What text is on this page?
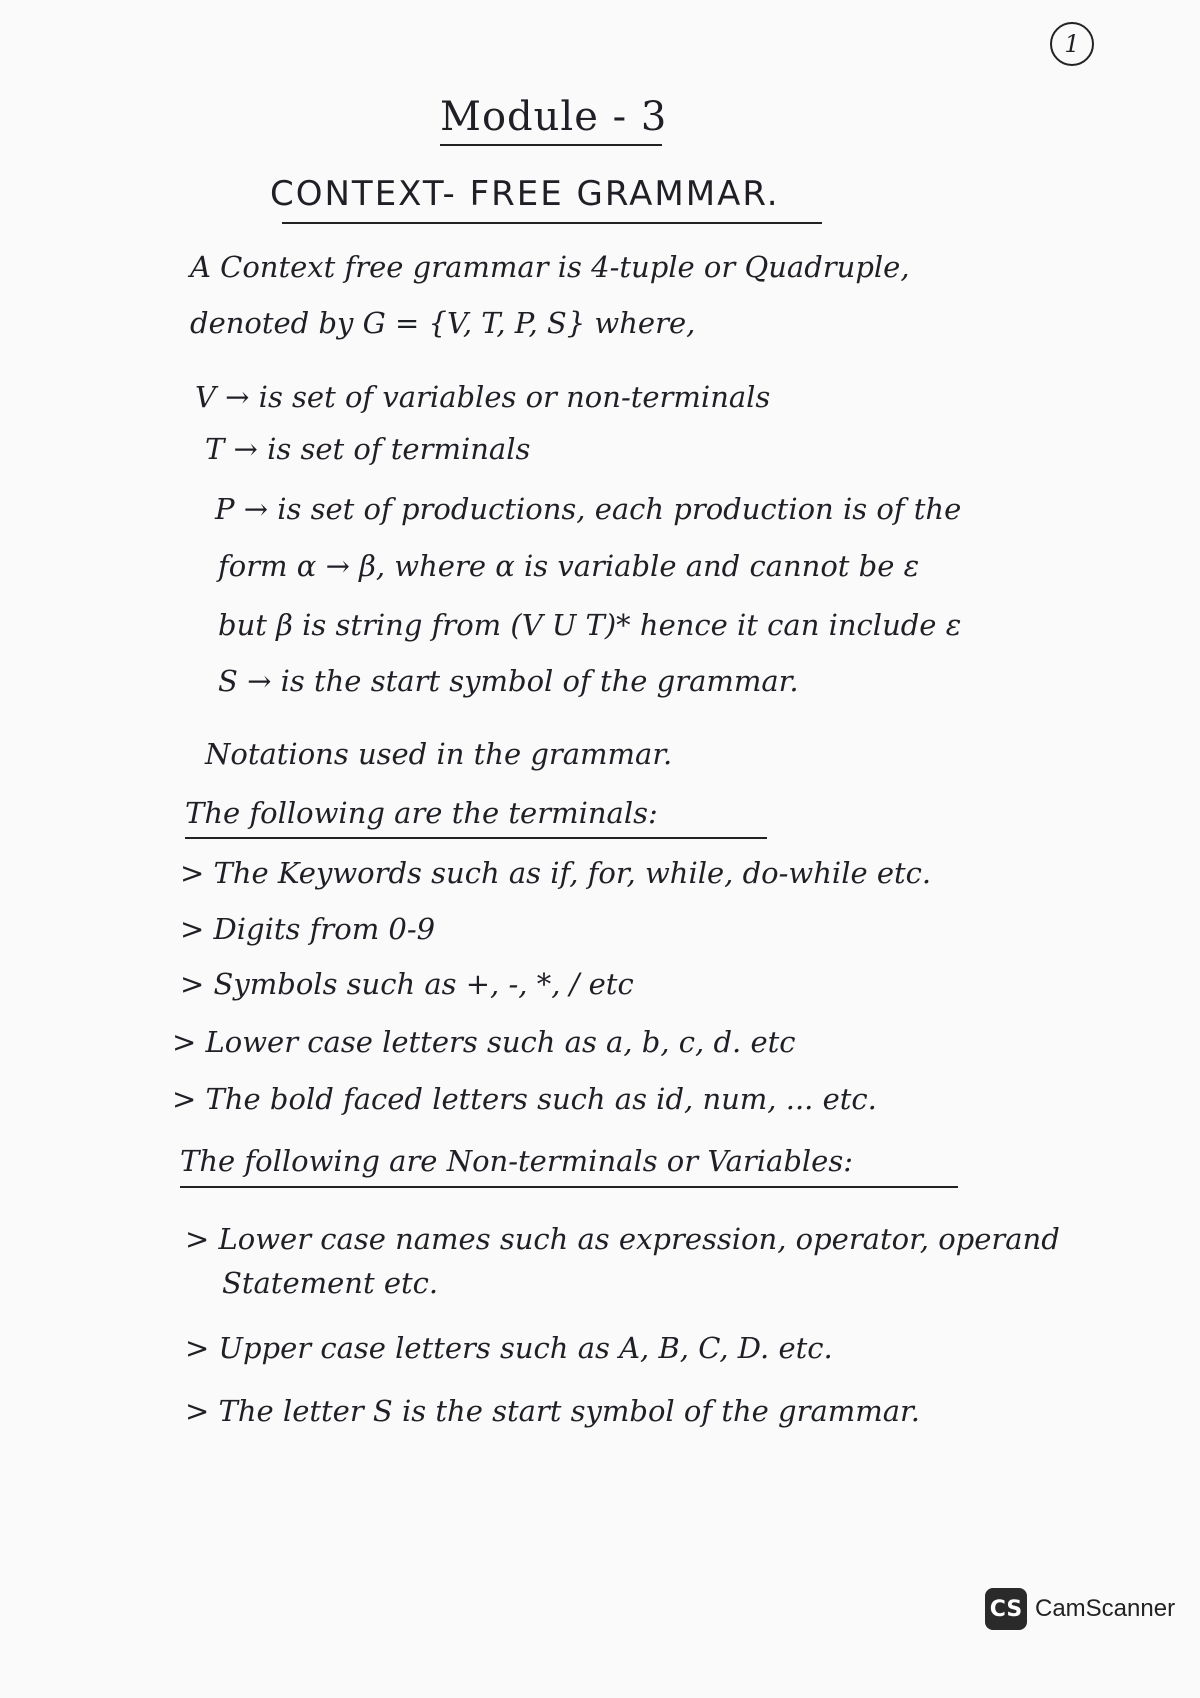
1
Module - 3
CONTEXT- FREE GRAMMAR.
A Context free grammar is 4-tuple or Quadruple,
denoted by G = {V, T, P, S} where,
V → is set of variables or non-terminals
T → is set of terminals
P → is set of productions, each production is of the
form α → β, where α is variable and cannot be ε
but β is string from (V U T)* hence it can include ε
S → is the start symbol of the grammar.
Notations used in the grammar.
The following are the terminals:
> The Keywords such as if, for, while, do-while etc.
> Digits from 0-9
> Symbols such as +, -, *, / etc
> Lower case letters such as a, b, c, d. etc
> The bold faced letters such as id, num, ... etc.
The following are Non-terminals or Variables:
> Lower case names such as expression, operator, operand
Statement etc.
> Upper case letters such as A, B, C, D. etc.
> The letter S is the start symbol of the grammar.
CS CamScanner
